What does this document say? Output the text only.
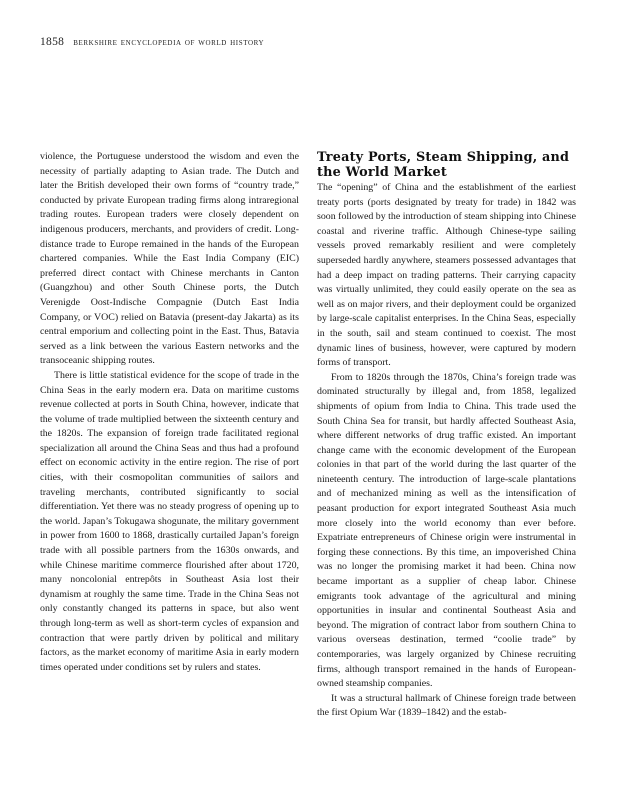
1858 berkshire encyclopedia of world history

violence, the Portuguese understood the wisdom and even the necessity of partially adapting to Asian trade. The Dutch and later the British developed their own forms of “country trade,” conducted by private European trading firms along intraregional trading routes. European traders were closely dependent on indigenous producers, merchants, and providers of credit. Long-distance trade to Europe remained in the hands of the European chartered companies. While the East India Company (EIC) preferred direct contact with Chinese merchants in Canton (Guangzhou) and other South Chinese ports, the Dutch Verenigde Oost-Indische Compagnie (Dutch East India Company, or VOC) relied on Batavia (present-day Jakarta) as its central emporium and collecting point in the East. Thus, Batavia served as a link between the various Eastern networks and the transoceanic shipping routes.

There is little statistical evidence for the scope of trade in the China Seas in the early modern era. Data on maritime customs revenue collected at ports in South China, however, indicate that the volume of trade multiplied between the sixteenth century and the 1820s. The expansion of foreign trade facilitated regional specialization all around the China Seas and thus had a profound effect on economic activity in the entire region. The rise of port cities, with their cosmopolitan communities of sailors and traveling merchants, contributed significantly to social differentiation. Yet there was no steady progress of opening up to the world. Japan’s Tokugawa shogunate, the military government in power from 1600 to 1868, drastically curtailed Japan’s foreign trade with all possible partners from the 1630s onwards, and while Chinese maritime commerce flourished after about 1720, many noncolonial entrepôts in Southeast Asia lost their dynamism at roughly the same time. Trade in the China Seas not only constantly changed its patterns in space, but also went through long-term as well as short-term cycles of expansion and contraction that were partly driven by political and military factors, as the market economy of maritime Asia in early modern times operated under conditions set by rulers and states.

Treaty Ports, Steam Shipping, and the World Market

The “opening” of China and the establishment of the earliest treaty ports (ports designated by treaty for trade) in 1842 was soon followed by the introduction of steam shipping into Chinese coastal and riverine traffic. Although Chinese-type sailing vessels proved remarkably resilient and were completely superseded hardly anywhere, steamers possessed advantages that had a deep impact on trading patterns. Their carrying capacity was virtually unlimited, they could easily operate on the sea as well as on major rivers, and their deployment could be organized by large-scale capitalist enterprises. In the China Seas, especially in the south, sail and steam continued to coexist. The most dynamic lines of business, however, were captured by modern forms of transport.

From to 1820s through the 1870s, China’s foreign trade was dominated structurally by illegal and, from 1858, legalized shipments of opium from India to China. This trade used the South China Sea for transit, but hardly affected Southeast Asia, where different networks of drug traffic existed. An important change came with the economic development of the European colonies in that part of the world during the last quarter of the nineteenth century. The introduction of large-scale plantations and of mechanized mining as well as the intensification of peasant production for export integrated Southeast Asia much more closely into the world economy than ever before. Expatriate entrepreneurs of Chinese origin were instrumental in forging these connections. By this time, an impoverished China was no longer the promising market it had been. China now became important as a supplier of cheap labor. Chinese emigrants took advantage of the agricultural and mining opportunities in insular and continental Southeast Asia and beyond. The migration of contract labor from southern China to various overseas destination, termed “coolie trade” by contemporaries, was largely organized by Chinese recruiting firms, although transport remained in the hands of European-owned steamship companies.

It was a structural hallmark of Chinese foreign trade between the first Opium War (1839–1842) and the estab-
